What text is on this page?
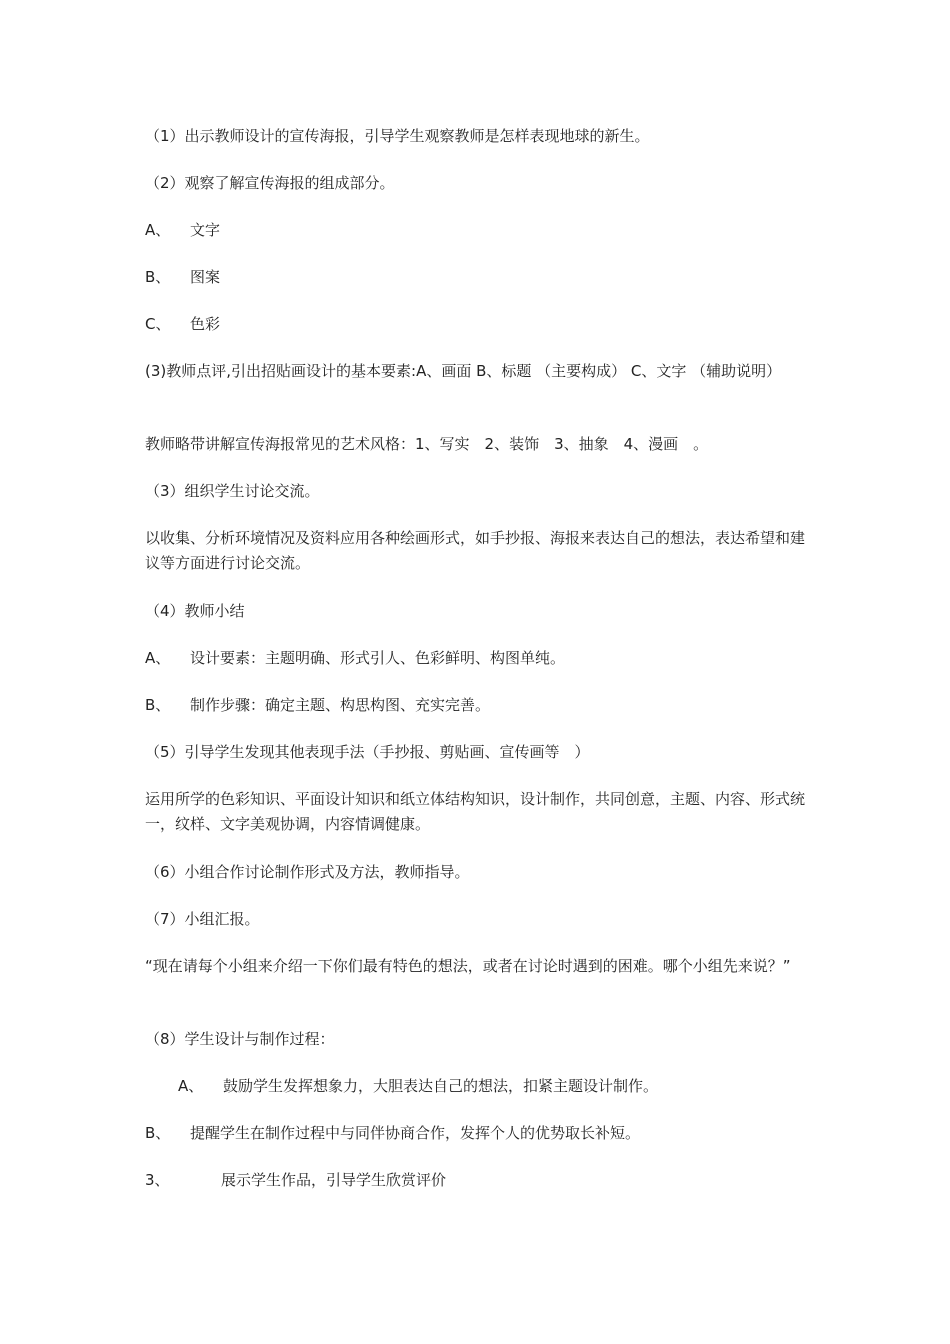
（1）出示教师设计的宣传海报，引导学生观察教师是怎样表现地球的新生。

（2）观察了解宣传海报的组成部分。

A、 文字

B、 图案

C、 色彩

(3)教师点评,引出招贴画设计的基本要素:A、画面 B、标题 （主要构成） C、文字 （辅助说明）

教师略带讲解宣传海报常见的艺术风格：1、写实　2、装饰　3、抽象　4、漫画　。

（3）组织学生讨论交流。

以收集、分析环境情况及资料应用各种绘画形式，如手抄报、海报来表达自己的想法，表达希望和建议等方面进行讨论交流。

（4）教师小结

A、 设计要素：主题明确、形式引人、色彩鲜明、构图单纯。

B、 制作步骤：确定主题、构思构图、充实完善。

（5）引导学生发现其他表现手法（手抄报、剪贴画、宣传画等　）

运用所学的色彩知识、平面设计知识和纸立体结构知识，设计制作，共同创意，主题、内容、形式统一，纹样、文字美观协调，内容情调健康。

（6）小组合作讨论制作形式及方法，教师指导。

（7）小组汇报。

“现在请每个小组来介绍一下你们最有特色的想法，或者在讨论时遇到的困难。哪个小组先来说？”

（8）学生设计与制作过程：

A、 鼓励学生发挥想象力，大胆表达自己的想法，扣紧主题设计制作。

B、 提醒学生在制作过程中与同伴协商合作，发挥个人的优势取长补短。

3、	展示学生作品，引导学生欣赏评价
